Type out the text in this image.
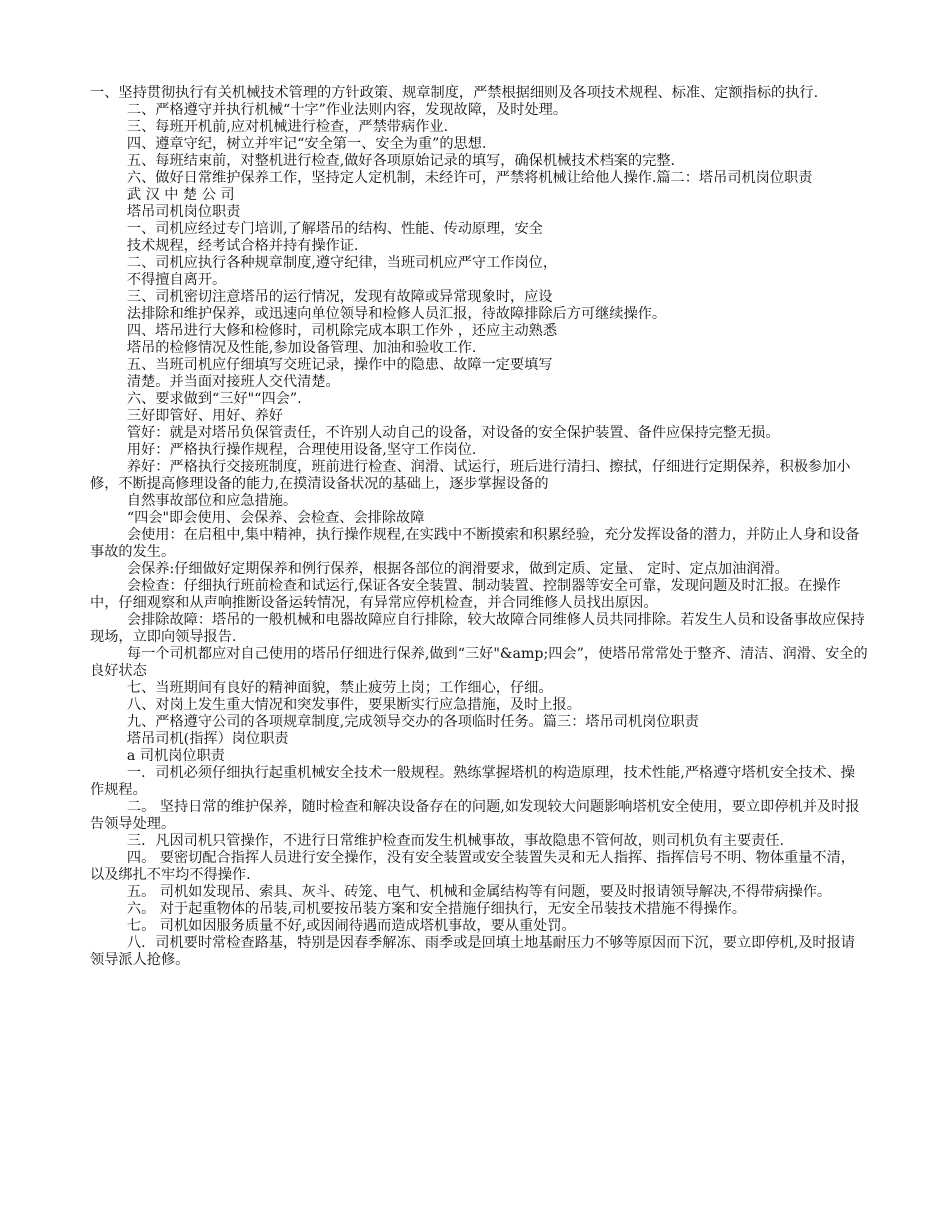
一、坚持贯彻执行有关机械技术管理的方针政策、规章制度，严禁根据细则及各项技术规程、标准、定额指标的执行.

二、严格遵守并执行机械“十字”作业法则内容，发现故障，及时处理。

三、每班开机前,应对机械进行检查，严禁带病作业.

四、遵章守纪，树立并牢记“安全第一、安全为重”的思想.

五、每班结束前，对整机进行检查,做好各项原始记录的填写，确保机械技术档案的完整.

六、做好日常维护保养工作，坚持定人定机制，未经许可，严禁将机械让给他人操作.篇二：塔吊司机岗位职责

武 汉 中 楚 公 司

塔吊司机岗位职责

一、司机应经过专门培训,了解塔吊的结构、性能、传动原理，安全

技术规程，经考试合格并持有操作证.

二、司机应执行各种规章制度,遵守纪律，当班司机应严守工作岗位，

不得擅自离开。

三、司机密切注意塔吊的运行情况，发现有故障或异常现象时，应设

法排除和维护保养，或迅速向单位领导和检修人员汇报，待故障排除后方可继续操作。

四、塔吊进行大修和检修时，司机除完成本职工作外 ，还应主动熟悉

塔吊的检修情况及性能,参加设备管理、加油和验收工作.

五、当班司机应仔细填写交班记录，操作中的隐患、故障一定要填写

清楚。并当面对接班人交代清楚。

六、要求做到“三好"“四会”.

三好即管好、用好、养好

管好：就是对塔吊负保管责任，不许别人动自己的设备，对设备的安全保护装置、备件应保持完整无损。

用好：严格执行操作规程，合理使用设备,坚守工作岗位.

养好：严格执行交接班制度，班前进行检查、润滑、试运行，班后进行清扫、擦拭，仔细进行定期保养，积极参加小修，不断提高修理设备的能力,在摸清设备状况的基础上，逐步掌握设备的

自然事故部位和应急措施。

“四会"即会使用、会保养、会检查、会排除故障

会使用：在启租中,集中精神，执行操作规程,在实践中不断摸索和积累经验，充分发挥设备的潜力，并防止人身和设备事故的发生。

会保养:仔细做好定期保养和例行保养，根据各部位的润滑要求，做到定质、定量、 定时、定点加油润滑。

会检查：仔细执行班前检查和试运行,保证各安全装置、制动装置、控制器等安全可靠，发现问题及时汇报。在操作中，仔细观察和从声响推断设备运转情况，有异常应停机检查，并合同维修人员找出原因。

会排除故障：塔吊的一般机械和电器故障应自行排除，较大故障合同维修人员共同排除。若发生人员和设备事故应保持现场，立即向领导报告.

每一个司机都应对自己使用的塔吊仔细进行保养,做到“三好"&amp;四会”，使塔吊常常处于整齐、清洁、润滑、安全的良好状态

七、当班期间有良好的精神面貌，禁止疲劳上岗；工作细心，仔细。

八、对岗上发生重大情况和突发事件，要果断实行应急措施，及时上报。

九、严格遵守公司的各项规章制度,完成领导交办的各项临时任务。篇三：塔吊司机岗位职责

塔吊司机(指挥）岗位职责

a 司机岗位职责

一．司机必须仔细执行起重机械安全技术一般规程。熟练掌握塔机的构造原理，技术性能,严格遵守塔机安全技术、操作规程。

二。 坚持日常的维护保养，随时检查和解决设备存在的问题,如发现较大问题影响塔机安全使用，要立即停机并及时报告领导处理。

三．凡因司机只管操作，不进行日常维护检查而发生机械事故，事故隐患不管何故，则司机负有主要责任.

四。 要密切配合指挥人员进行安全操作，没有安全装置或安全装置失灵和无人指挥、指挥信号不明、物体重量不清，以及绑扎不牢均不得操作.

五。 司机如发现吊、索具、灰斗、砖笼、电气、机械和金属结构等有问题，要及时报请领导解决,不得带病操作。

六。 对于起重物体的吊装,司机要按吊装方案和安全措施仔细执行，无安全吊装技术措施不得操作。

七。 司机如因服务质量不好,或因闹待遇而造成塔机事故，要从重处罚。

八．司机要时常检查路基，特别是因春季解冻、雨季或是回填土地基耐压力不够等原因而下沉，要立即停机,及时报请领导派人抢修。
